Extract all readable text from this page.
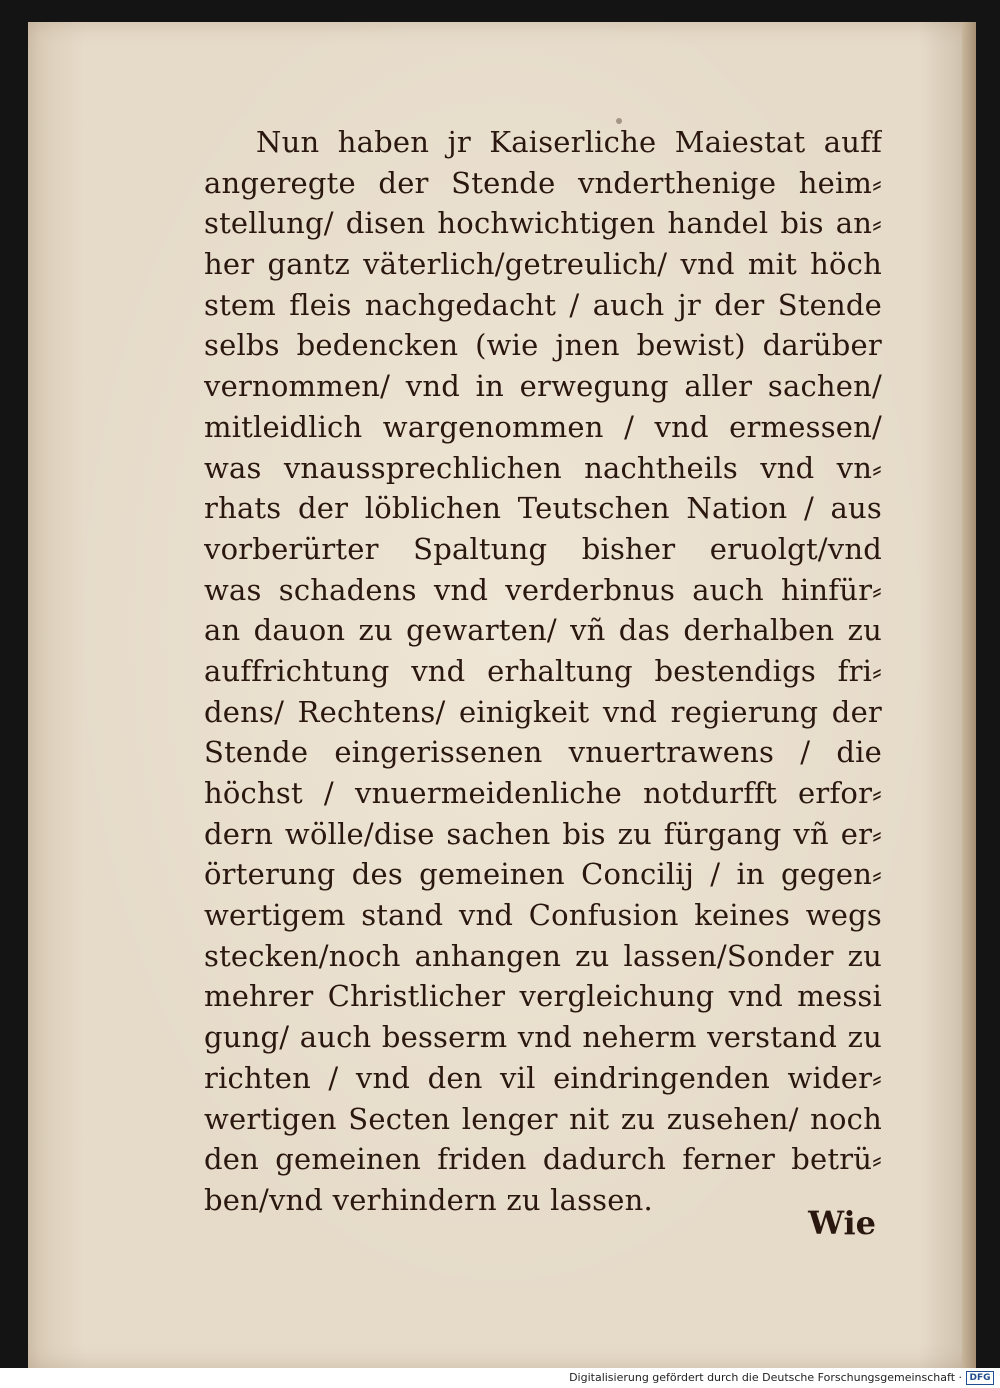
Nun haben jr Kaiserliche Maiestat auff
angeregte der Stende vnderthenige heim⸗
stellung/ disen hochwichtigen handel bis an⸗
her gantz väterlich/getreulich/ vnd mit höch
stem fleis nachgedacht / auch jr der Stende
selbs bedencken (wie jnen bewist) darüber
vernommen/ vnd in erwegung aller sachen/
mitleidlich wargenommen / vnd ermessen/
was vnaussprechlichen nachtheils vnd vn⸗
rhats der löblichen Teutschen Nation / aus
vorberürter Spaltung bisher eruolgt/vnd
was schadens vnd verderbnus auch hinfür⸗
an dauon zu gewarten/ vñ das derhalben zu
auffrichtung vnd erhaltung bestendigs fri⸗
dens/ Rechtens/ einigkeit vnd regierung der
Stende eingerissenen vnuertrawens / die
höchst / vnuermeidenliche notdurfft erfor⸗
dern wölle/dise sachen bis zu fürgang vñ er⸗
örterung des gemeinen Concilij / in gegen⸗
wertigem stand vnd Confusion keines wegs
stecken/noch anhangen zu lassen/Sonder zu
mehrer Christlicher vergleichung vnd messi
gung/ auch besserm vnd neherm verstand zu
richten / vnd den vil eindringenden wider⸗
wertigen Secten lenger nit zu zusehen/ noch
den gemeinen friden dadurch ferner betrü⸗
ben/vnd verhindern zu lassen.
Wie
Digitalisierung gefördert durch die Deutsche Forschungsgemeinschaft · DFG
